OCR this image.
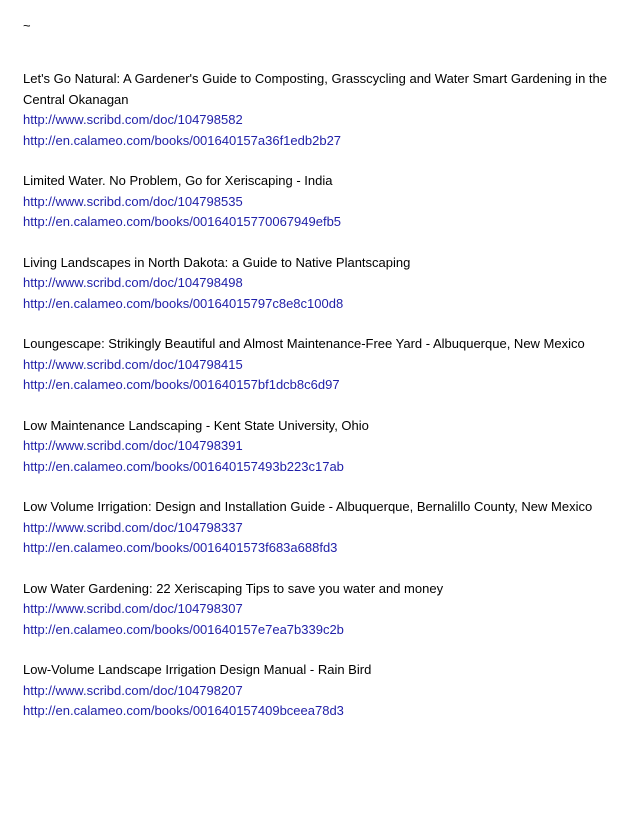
~
Let's Go Natural: A Gardener's Guide to Composting, Grasscycling and Water Smart Gardening in the Central Okanagan
http://www.scribd.com/doc/104798582
http://en.calameo.com/books/001640157a36f1edb2b27
Limited Water. No Problem, Go for Xeriscaping - India
http://www.scribd.com/doc/104798535
http://en.calameo.com/books/00164015770067949efb5
Living Landscapes in North Dakota: a Guide to Native Plantscaping
http://www.scribd.com/doc/104798498
http://en.calameo.com/books/00164015797c8e8c100d8
Loungescape: Strikingly Beautiful and Almost Maintenance-Free Yard - Albuquerque, New Mexico
http://www.scribd.com/doc/104798415
http://en.calameo.com/books/001640157bf1dcb8c6d97
Low Maintenance Landscaping - Kent State University, Ohio
http://www.scribd.com/doc/104798391
http://en.calameo.com/books/001640157493b223c17ab
Low Volume Irrigation: Design and Installation Guide - Albuquerque, Bernalillo County, New Mexico
http://www.scribd.com/doc/104798337
http://en.calameo.com/books/0016401573f683a688fd3
Low Water Gardening: 22 Xeriscaping Tips to save you water and money
http://www.scribd.com/doc/104798307
http://en.calameo.com/books/001640157e7ea7b339c2b
Low-Volume Landscape Irrigation Design Manual - Rain Bird
http://www.scribd.com/doc/104798207
http://en.calameo.com/books/001640157409bceea78d3
